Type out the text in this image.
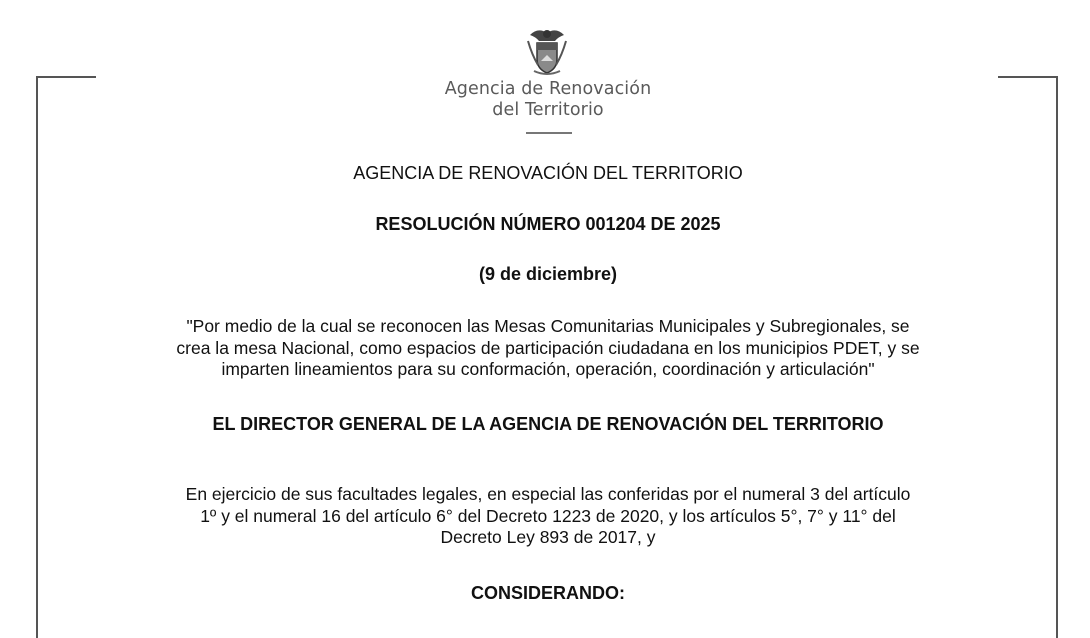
Agencia de Renovación
del Territorio
AGENCIA DE RENOVACIÓN DEL TERRITORIO
RESOLUCIÓN NÚMERO 001204 DE 2025
(9 de diciembre)
"Por medio de la cual se reconocen las Mesas Comunitarias Municipales y Subregionales, se
crea la mesa Nacional, como espacios de participación ciudadana en los municipios PDET, y se
imparten lineamientos para su conformación, operación, coordinación y articulación"
EL DIRECTOR GENERAL DE LA AGENCIA DE RENOVACIÓN DEL TERRITORIO
En ejercicio de sus facultades legales, en especial las conferidas por el numeral 3 del artículo
1º y el numeral 16 del artículo 6° del Decreto 1223 de 2020, y los artículos 5°, 7° y 11° del
Decreto Ley 893 de 2017, y
CONSIDERANDO:
